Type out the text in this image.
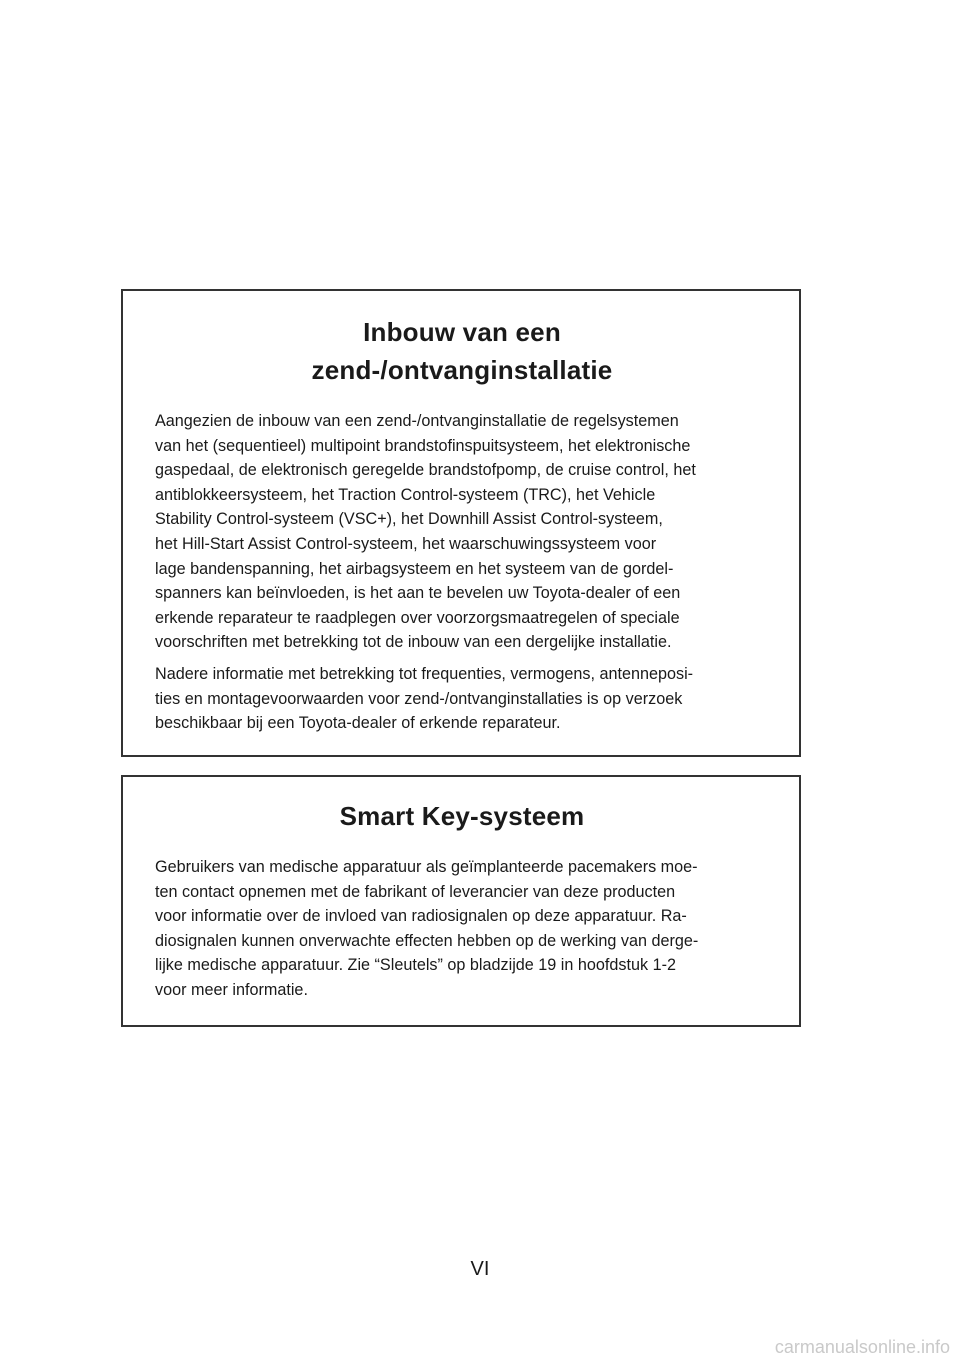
Inbouw van een
zend‑/ontvanginstallatie

Aangezien de inbouw van een zend‑/ontvanginstallatie de regelsystemen
van het (sequentieel) multipoint brandstofinspuitsysteem, het elektronische
gaspedaal, de elektronisch geregelde brandstofpomp, de cruise control, het
antiblokkeersysteem, het Traction Control‑systeem (TRC), het Vehicle
Stability Control‑systeem (VSC+), het Downhill Assist Control‑systeem,
het Hill‑Start Assist Control‑systeem, het waarschuwingssysteem voor
lage bandenspanning, het airbagsysteem en het systeem van de gordel-
spanners kan beïnvloeden, is het aan te bevelen uw Toyota‑dealer of een
erkende reparateur te raadplegen over voorzorgsmaatregelen of speciale
voorschriften met betrekking tot de inbouw van een dergelijke installatie.

Nadere informatie met betrekking tot frequenties, vermogens, antenneposi-
ties en montagevoorwaarden voor zend‑/ontvanginstallaties is op verzoek
beschikbaar bij een Toyota‑dealer of erkende reparateur.

Smart Key‑systeem

Gebruikers van medische apparatuur als geïmplanteerde pacemakers moe-
ten contact opnemen met de fabrikant of leverancier van deze producten
voor informatie over de invloed van radiosignalen op deze apparatuur. Ra-
diosignalen kunnen onverwachte effecten hebben op de werking van derge-
lijke medische apparatuur. Zie “Sleutels” op bladzijde 19 in hoofdstuk 1‑2
voor meer informatie.

VI
carmanualsonline.info
